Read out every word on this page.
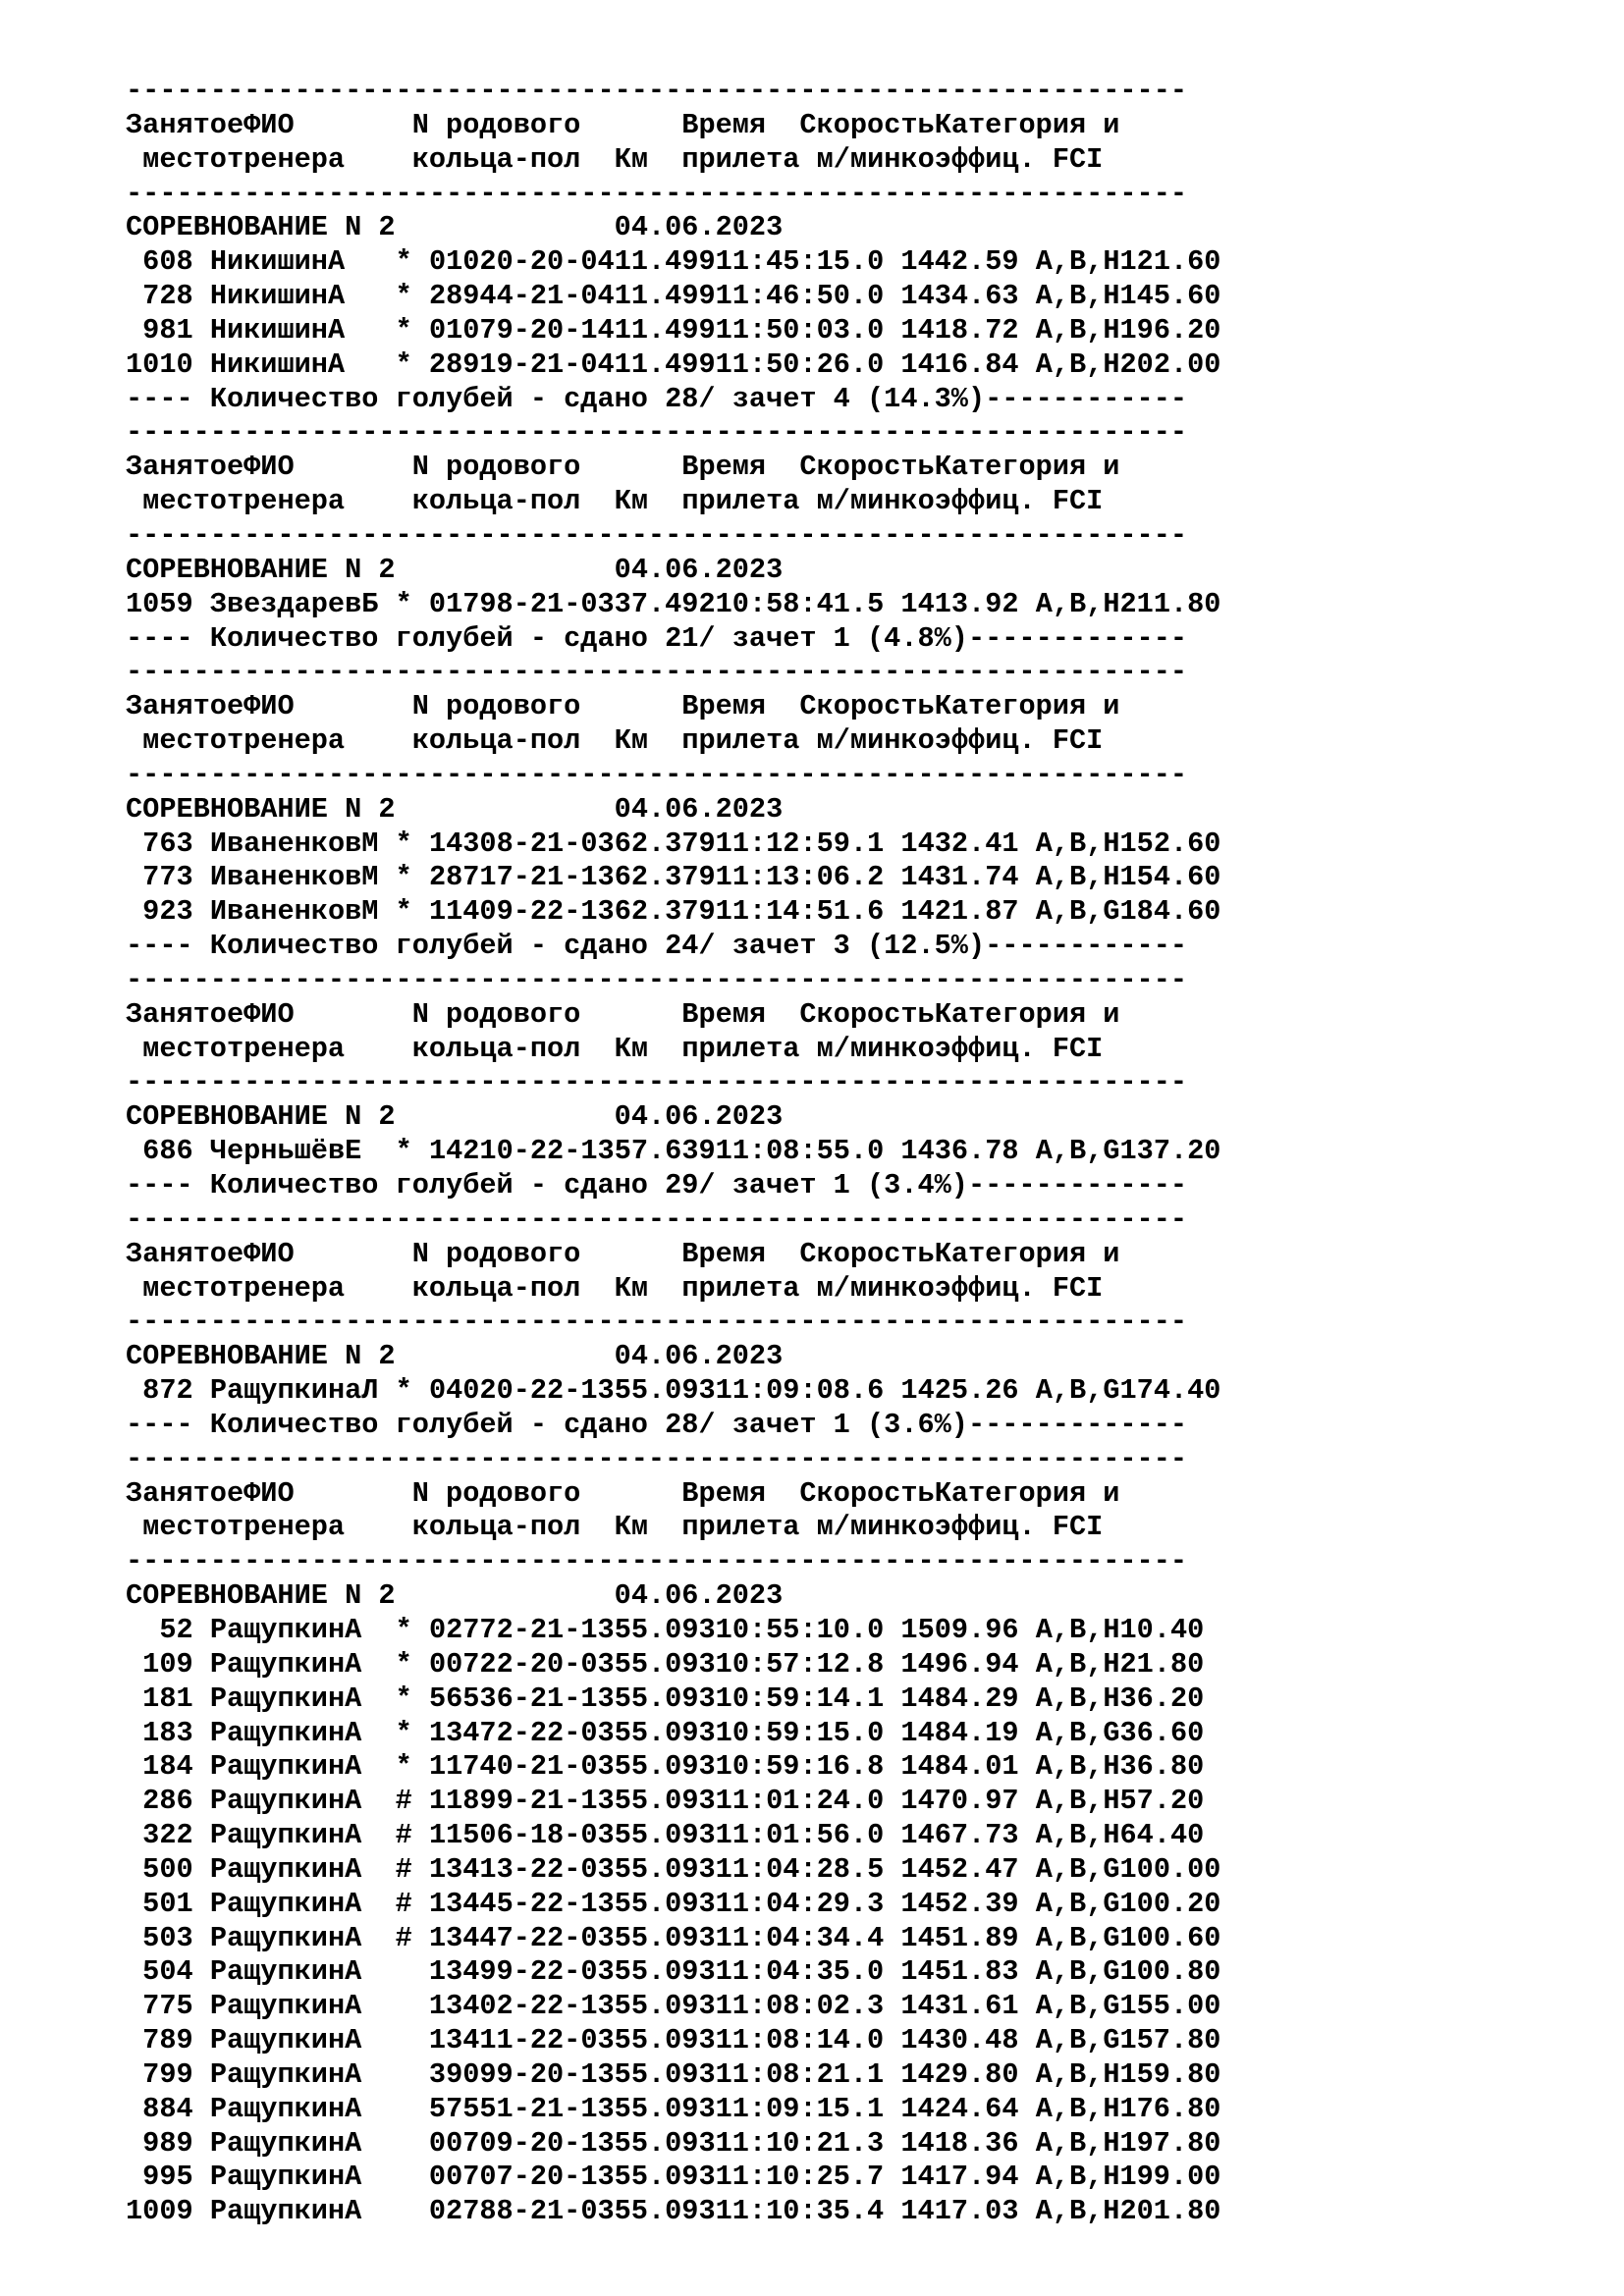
---------------------------------------------------------------
ЗанятоеФИО	N родового	Время СкоростьКатегория и
местотренера кольца-пол Км прилета м/минкоэффиц. FCI
---------------------------------------------------------------
СОРЕВНОВАНИЕ N 2	04.06.2023
608 НикишинА * 01020-20-0411.49911:45:15.0 1442.59 A,B,H121.60
728 НикишинА * 28944-21-0411.49911:46:50.0 1434.63 A,B,H145.60
981 НикишинА * 01079-20-1411.49911:50:03.0 1418.72 A,B,H196.20
1010 НикишинА * 28919-21-0411.49911:50:26.0 1416.84 A,B,H202.00
---- Количество голубей - сдано 28/ зачет 4 (14.3%)------------
---------------------------------------------------------------
ЗанятоеФИО	N родового	Время СкоростьКатегория и
местотренера кольца-пол Км прилета м/минкоэффиц. FCI
---------------------------------------------------------------
СОРЕВНОВАНИЕ N 2	04.06.2023
1059 ЗвездаревБ * 01798-21-0337.49210:58:41.5 1413.92 A,B,H211.80
---- Количество голубей - сдано 21/ зачет 1 (4.8%)-------------
---------------------------------------------------------------
ЗанятоеФИО	N родового	Время СкоростьКатегория и
местотренера кольца-пол Км прилета м/минкоэффиц. FCI
---------------------------------------------------------------
СОРЕВНОВАНИЕ N 2	04.06.2023
763 ИваненковМ * 14308-21-0362.37911:12:59.1 1432.41 A,B,H152.60
773 ИваненковМ * 28717-21-1362.37911:13:06.2 1431.74 A,B,H154.60
923 ИваненковМ * 11409-22-1362.37911:14:51.6 1421.87 A,B,G184.60
---- Количество голубей - сдано 24/ зачет 3 (12.5%)------------
---------------------------------------------------------------
ЗанятоеФИО	N родового	Время СкоростьКатегория и
местотренера кольца-пол Км прилета м/минкоэффиц. FCI
---------------------------------------------------------------
СОРЕВНОВАНИЕ N 2	04.06.2023
686 ЧерньшёвЕ * 14210-22-1357.63911:08:55.0 1436.78 A,B,G137.20
---- Количество голубей - сдано 29/ зачет 1 (3.4%)-------------
---------------------------------------------------------------
ЗанятоеФИО	N родового	Время СкоростьКатегория и
местотренера кольца-пол Км прилета м/минкоэффиц. FCI
---------------------------------------------------------------
СОРЕВНОВАНИЕ N 2	04.06.2023
872 РащупкинаЛ * 04020-22-1355.09311:09:08.6 1425.26 A,B,G174.40
---- Количество голубей - сдано 28/ зачет 1 (3.6%)-------------
---------------------------------------------------------------
ЗанятоеФИО	N родового	Время СкоростьКатегория и
местотренера кольца-пол Км прилета м/минкоэффиц. FCI
---------------------------------------------------------------
СОРЕВНОВАНИЕ N 2	04.06.2023
52 РащупкинА * 02772-21-1355.09310:55:10.0 1509.96 A,B,H10.40
109 РащупкинА * 00722-20-0355.09310:57:12.8 1496.94 A,B,H21.80
181 РащупкинА * 56536-21-1355.09310:59:14.1 1484.29 A,B,H36.20
183 РащупкинА * 13472-22-0355.09310:59:15.0 1484.19 A,B,G36.60
184 РащупкинА * 11740-21-0355.09310:59:16.8 1484.01 A,B,H36.80
286 РащупкинА # 11899-21-1355.09311:01:24.0 1470.97 A,B,H57.20
322 РащупкинА # 11506-18-0355.09311:01:56.0 1467.73 A,B,H64.40
500 РащупкинА # 13413-22-0355.09311:04:28.5 1452.47 A,B,G100.00
501 РащупкинА # 13445-22-1355.09311:04:29.3 1452.39 A,B,G100.20
503 РащупкинА # 13447-22-0355.09311:04:34.4 1451.89 A,B,G100.60
504 РащупкинА 13499-22-0355.09311:04:35.0 1451.83 A,B,G100.80
775 РащупкинА 13402-22-1355.09311:08:02.3 1431.61 A,B,G155.00
789 РащупкинА 13411-22-0355.09311:08:14.0 1430.48 A,B,G157.80
799 РащупкинА 39099-20-1355.09311:08:21.1 1429.80 A,B,H159.80
884 РащупкинА 57551-21-1355.09311:09:15.1 1424.64 A,B,H176.80
989 РащупкинА 00709-20-1355.09311:10:21.3 1418.36 A,B,H197.80
995 РащупкинА 00707-20-1355.09311:10:25.7 1417.94 A,B,H199.00
1009 РащупкинА 02788-21-0355.09311:10:35.4 1417.03 A,B,H201.80
